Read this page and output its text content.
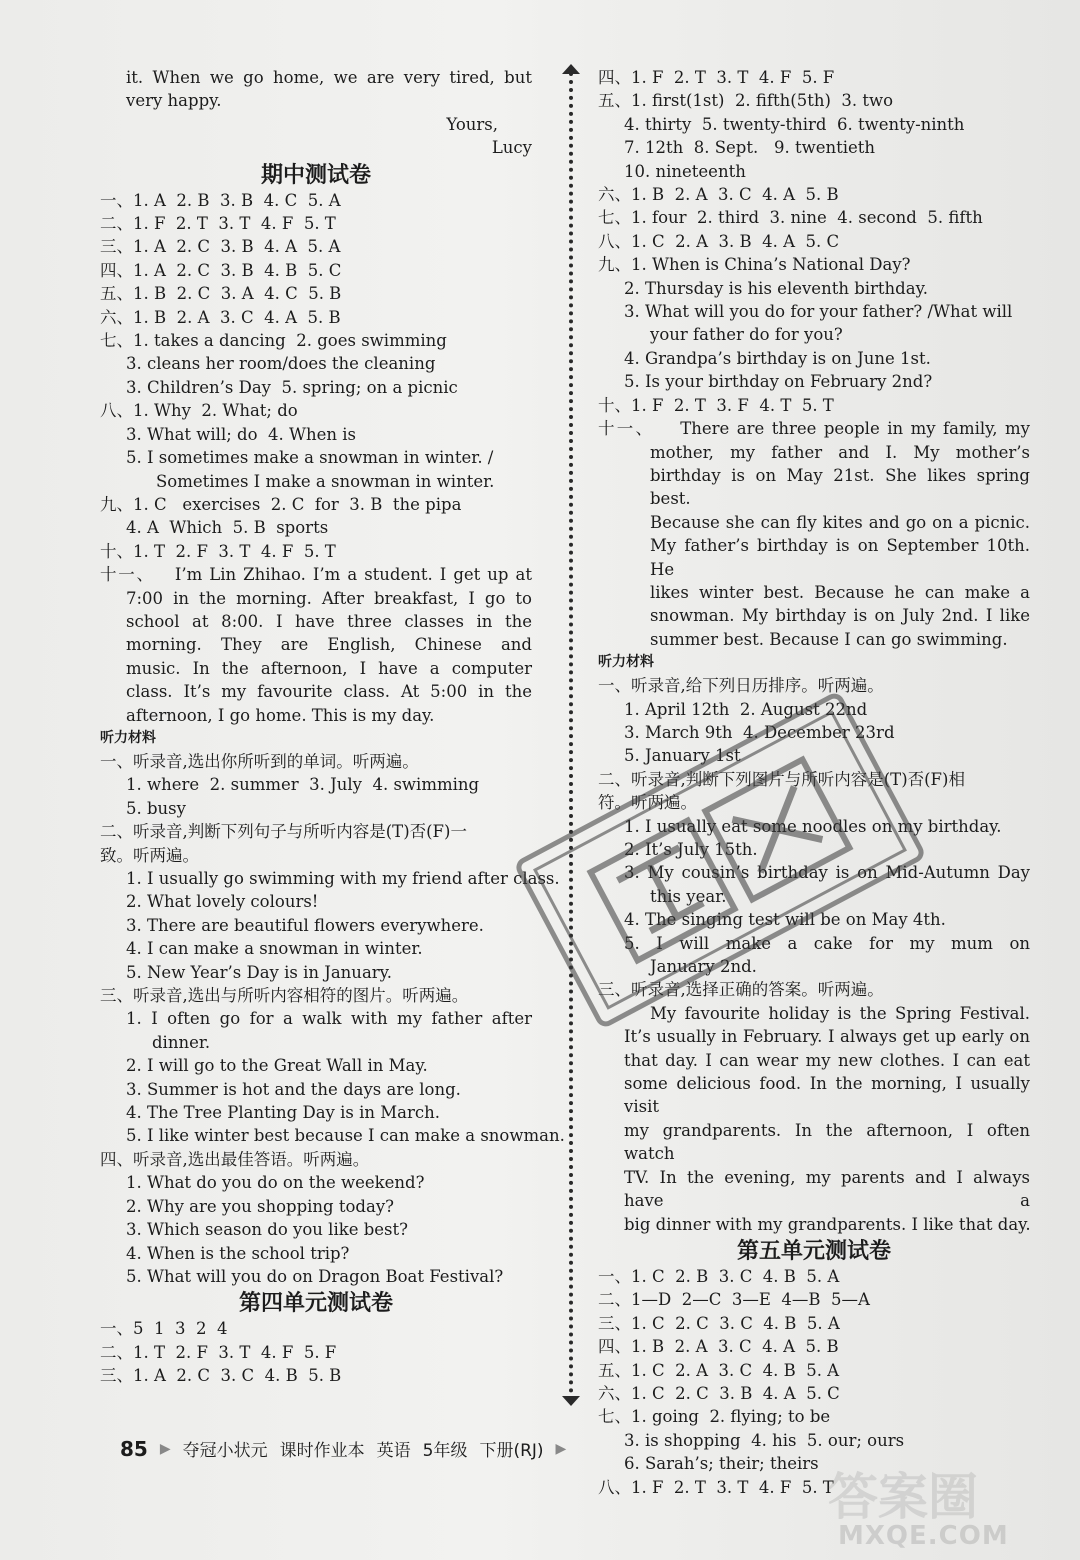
it. When we go home, we are very tired, but
very happy.
Yours,
Lucy
期中测试卷
一、1. A  2. B  3. B  4. C  5. A
二、1. F  2. T  3. T  4. F  5. T
三、1. A  2. C  3. B  4. A  5. A
四、1. A  2. C  3. B  4. B  5. C
五、1. B  2. C  3. A  4. C  5. B
六、1. B  2. A  3. C  4. A  5. B
七、1. takes a dancing  2. goes swimming
3. cleans her room/does the cleaning
3. Children’s Day  5. spring; on a picnic
八、1. Why  2. What; do
3. What will; do  4. When is
5. I sometimes make a snowman in winter. /
Sometimes I make a snowman in winter.
九、1. C   exercises  2. C  for  3. B  the pipa
4. A  Which  5. B  sports
十、1. T  2. F  3. T  4. F  5. T
十一、 I’m Lin Zhihao. I’m a student. I get up at
7:00 in the morning. After breakfast, I go to
school at 8:00. I have three classes in the
morning. They are English, Chinese and
music. In the afternoon, I have a computer
class. It’s my favourite class. At 5:00 in the
afternoon, I go home. This is my day.
听力材料
一、听录音,选出你所听到的单词。听两遍。
1. where  2. summer  3. July  4. swimming
5. busy
二、听录音,判断下列句子与所听内容是(T)否(F)一
致。听两遍。
1. I usually go swimming with my friend after class.
2. What lovely colours!
3. There are beautiful flowers everywhere.
4. I can make a snowman in winter.
5. New Year’s Day is in January.
三、听录音,选出与所听内容相符的图片。听两遍。
1. I often go for a walk with my father after
dinner.
2. I will go to the Great Wall in May.
3. Summer is hot and the days are long.
4. The Tree Planting Day is in March.
5. I like winter best because I can make a snowman.
四、听录音,选出最佳答语。听两遍。
1. What do you do on the weekend?
2. Why are you shopping today?
3. Which season do you like best?
4. When is the school trip?
5. What will you do on Dragon Boat Festival?
第四单元测试卷
一、5  1  3  2  4
二、1. T  2. F  3. T  4. F  5. F
三、1. A  2. C  3. C  4. B  5. B
四、1. F  2. T  3. T  4. F  5. F
五、1. first(1st)  2. fifth(5th)  3. two
4. thirty  5. twenty-third  6. twenty-ninth
7. 12th  8. Sept.   9. twentieth
10. nineteenth
六、1. B  2. A  3. C  4. A  5. B
七、1. four  2. third  3. nine  4. second  5. fifth
八、1. C  2. A  3. B  4. A  5. C
九、1. When is China’s National Day?
2. Thursday is his eleventh birthday.
3. What will you do for your father? /What will
your father do for you?
4. Grandpa’s birthday is on June 1st.
5. Is your birthday on February 2nd?
十、1. F  2. T  3. F  4. T  5. T
十一、 There are three people in my family, my
mother, my father and I. My mother’s
birthday is on May 21st. She likes spring best.
Because she can fly kites and go on a picnic.
My father’s birthday is on September 10th. He
likes winter best. Because he can make a
snowman. My birthday is on July 2nd. I like
summer best. Because I can go swimming.
听力材料
一、听录音,给下列日历排序。听两遍。
1. April 12th  2. August 22nd
3. March 9th  4. December 23rd
5. January 1st
二、听录音,判断下列图片与所听内容是(T)否(F)相
符。听两遍。
1. I usually eat some noodles on my birthday.
2. It’s July 15th.
3. My cousin’s birthday is on Mid-Autumn Day
this year.
4. The singing test will be on May 4th.
5. I will make a cake for my mum on
January 2nd.
三、听录音,选择正确的答案。听两遍。
My favourite holiday is the Spring Festival.
It’s usually in February. I always get up early on
that day. I can wear my new clothes. I can eat
some delicious food. In the morning, I usually visit
my grandparents. In the afternoon, I often watch
TV. In the evening, my parents and I always have a
big dinner with my grandparents. I like that day.
第五单元测试卷
一、1. C  2. B  3. C  4. B  5. A
二、1—D  2—C  3—E  4—B  5—A
三、1. C  2. C  3. C  4. B  5. A
四、1. B  2. A  3. C  4. A  5. B
五、1. C  2. A  3. C  4. B  5. A
六、1. C  2. C  3. B  4. A  5. C
七、1. going  2. flying; to be
3. is shopping  4. his  5. our; ours
6. Sarah’s; their; theirs
八、1. F  2. T  3. T  4. F  5. T
85 ▶ 夺冠小状元 课时作业本 英语 5年级 下册(RJ) ▶
答案圈
MXQE.COM
